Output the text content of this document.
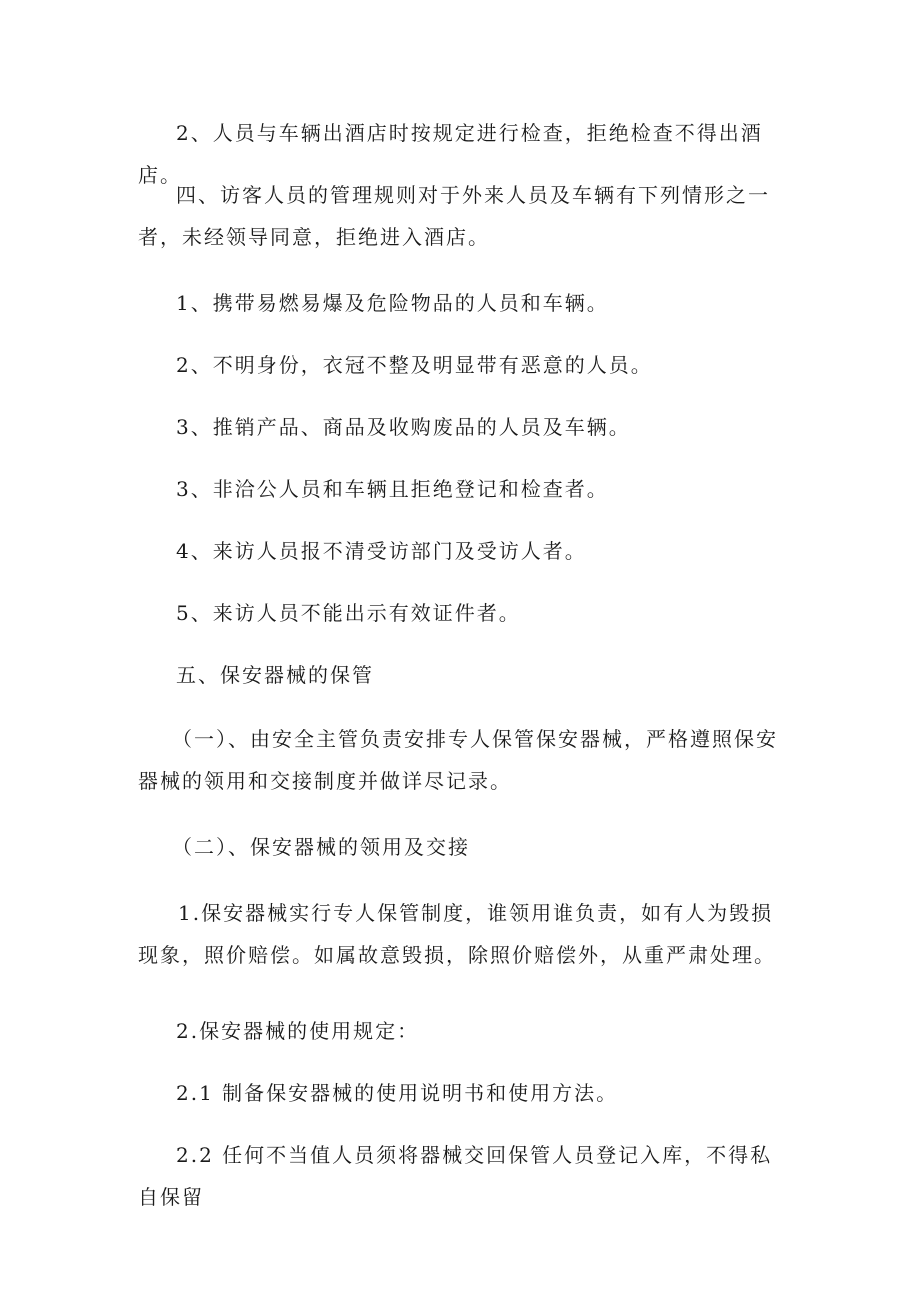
2、人员与车辆出酒店时按规定进行检查，拒绝检查不得出酒店。

四、访客人员的管理规则对于外来人员及车辆有下列情形之一者，未经领导同意，拒绝进入酒店。

1、携带易燃易爆及危险物品的人员和车辆。

2、不明身份，衣冠不整及明显带有恶意的人员。

3、推销产品、商品及收购废品的人员及车辆。

3、非洽公人员和车辆且拒绝登记和检查者。

4、来访人员报不清受访部门及受访人者。

5、来访人员不能出示有效证件者。

五、保安器械的保管

（一）、由安全主管负责安排专人保管保安器械，严格遵照保安器械的领用和交接制度并做详尽记录。

（二）、保安器械的领用及交接

1.保安器械实行专人保管制度，谁领用谁负责，如有人为毁损现象，照价赔偿。如属故意毁损，除照价赔偿外，从重严肃处理。

2.保安器械的使用规定：

2.1 制备保安器械的使用说明书和使用方法。

2.2 任何不当值人员须将器械交回保管人员登记入库，不得私自保留
